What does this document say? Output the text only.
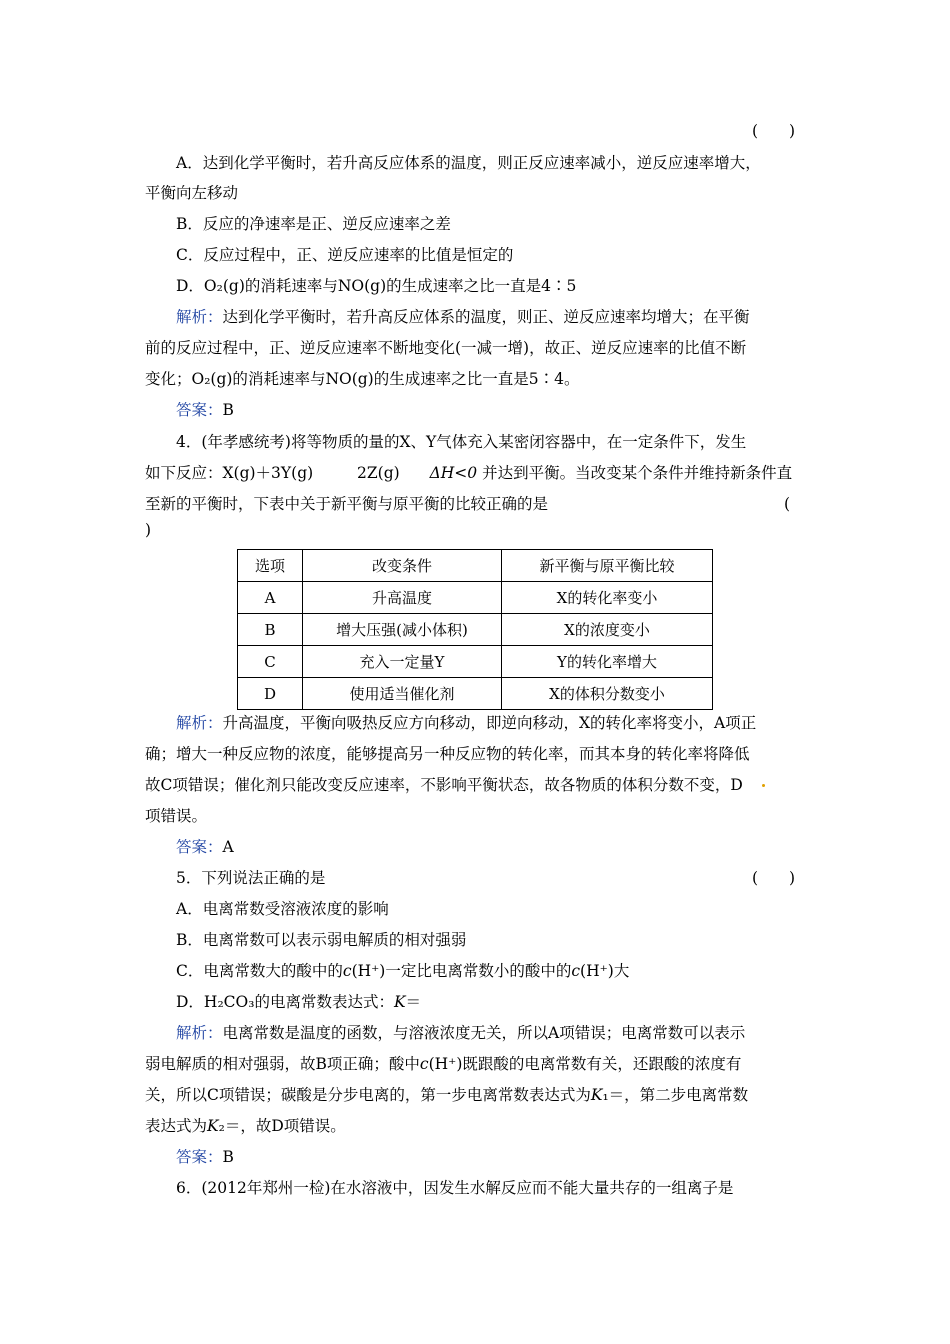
(　　)
A．达到化学平衡时，若升高反应体系的温度，则正反应速率减小，逆反应速率增大，
平衡向左移动
B．反应的净速率是正、逆反应速率之差
C．反应过程中，正、逆反应速率的比值是恒定的
D．O₂(g)的消耗速率与NO(g)的生成速率之比一直是4∶5
解析：达到化学平衡时，若升高反应体系的温度，则正、逆反应速率均增大；在平衡
前的反应过程中，正、逆反应速率不断地变化(一减一增)，故正、逆反应速率的比值不断
变化；O₂(g)的消耗速率与NO(g)的生成速率之比一直是5∶4。
答案：B
4．(年孝感统考)将等物质的量的X、Y气体充入某密闭容器中，在一定条件下，发生
如下反应：X(g)＋3Y(g)	2Z(g) ΔH<0 并达到平衡。当改变某个条件并维持新条件直
至新的平衡时，下表中关于新平衡与原平衡的比较正确的是	(
)
选项	改变条件	新平衡与原平衡比较
A	升高温度	X的转化率变小
B	增大压强(减小体积)	X的浓度变小
C	充入一定量Y	Y的转化率增大
D	使用适当催化剂	X的体积分数变小
解析：升高温度，平衡向吸热反应方向移动，即逆向移动，X的转化率将变小，A项正
确；增大一种反应物的浓度，能够提高另一种反应物的转化率，而其本身的转化率将降低
故C项错误；催化剂只能改变反应速率，不影响平衡状态，故各物质的体积分数不变，D
项错误。
答案：A
5．下列说法正确的是	(　　)
A．电离常数受溶液浓度的影响
B．电离常数可以表示弱电解质的相对强弱
C．电离常数大的酸中的c(H⁺)一定比电离常数小的酸中的c(H⁺)大
D．H₂CO₃的电离常数表达式：K＝
解析：电离常数是温度的函数，与溶液浓度无关，所以A项错误；电离常数可以表示
弱电解质的相对强弱，故B项正确；酸中c(H⁺)既跟酸的电离常数有关，还跟酸的浓度有
关，所以C项错误；碳酸是分步电离的，第一步电离常数表达式为K₁＝，第二步电离常数
表达式为K₂＝，故D项错误。
答案：B
6．(2012年郑州一检)在水溶液中，因发生水解反应而不能大量共存的一组离子是
